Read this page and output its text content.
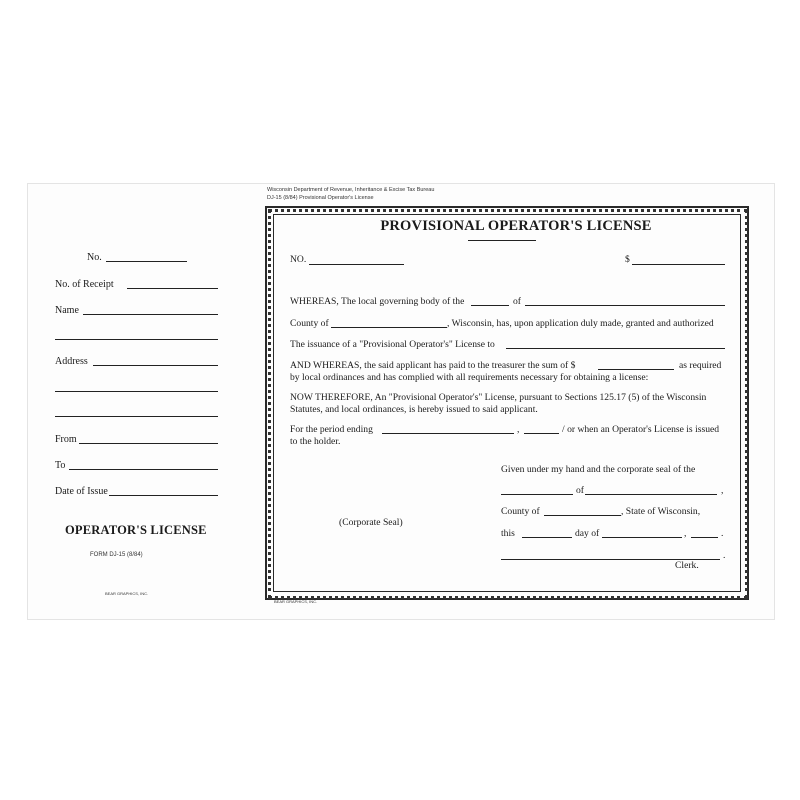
No.
No. of Receipt
Name
Address
From
To
Date of Issue
OPERATOR'S LICENSE
FORM DJ-15 (8/84)
BEAR GRAPHICS, INC.
Wisconsin Department of Revenue, Inheritance & Excise Tax Bureau
DJ-15 (8/84) Provisional Operator's License
PROVISIONAL OPERATOR'S LICENSE
NO.	$
WHEREAS, The local governing body of the	of
County of	, Wisconsin, has, upon application duly made, granted and authorized
The issuance of a "Provisional Operator's" License to
AND WHEREAS, the said applicant has paid to the treasurer the sum of $	as required
by local ordinances and has complied with all requirements necessary for obtaining a license:
NOW THEREFORE, An "Provisional Operator's" License, pursuant to Sections 125.17 (5) of the Wisconsin
Statutes, and local ordinances, is hereby issued to said applicant.
For the period ending	,	/ or when an Operator's License is issued
to the holder.
Given under my hand and the corporate seal of the
of	,
County of	, State of Wisconsin,
this	day of	,	.
.
Clerk.
(Corporate Seal)
BEAR GRAPHICS, INC.
